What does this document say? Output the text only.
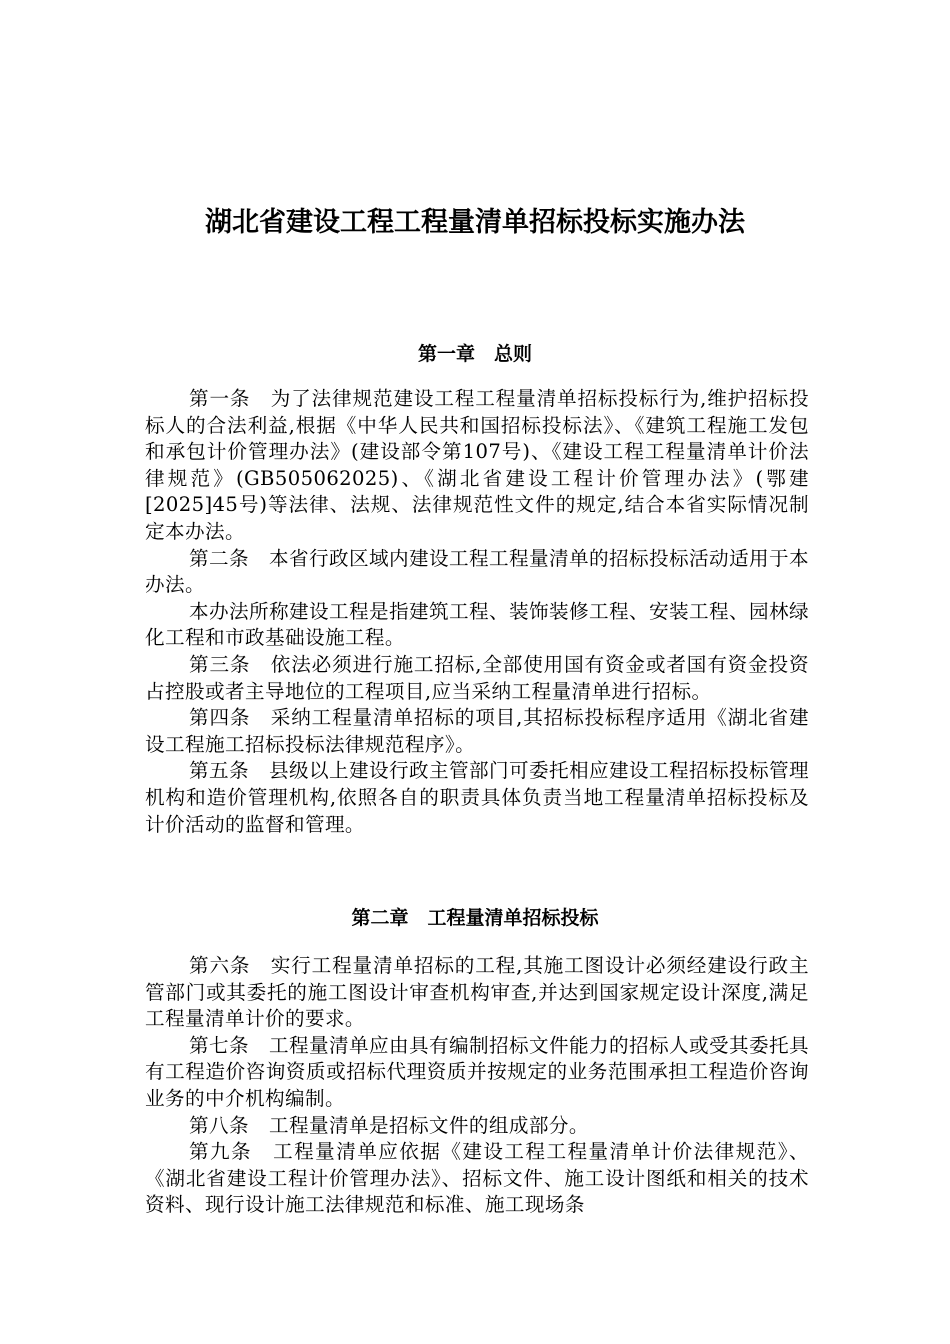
湖北省建设工程工程量清单招标投标实施办法
第一章　总则

第一条　为了法律规范建设工程工程量清单招标投标行为,维护招标投标人的合法利益,根据《中华人民共和国招标投标法》、《建筑工程施工发包和承包计价管理办法》(建设部令第107号)、《建设工程工程量清单计价法律规范》(GB505062025)、《湖北省建设工程计价管理办法》(鄂建 [2025]45号)等法律、法规、法律规范性文件的规定,结合本省实际情况制定本办法。

第二条　本省行政区域内建设工程工程量清单的招标投标活动适用于本办法。

本办法所称建设工程是指建筑工程、装饰装修工程、安装工程、园林绿化工程和市政基础设施工程。

第三条　依法必须进行施工招标,全部使用国有资金或者国有资金投资占控股或者主导地位的工程项目,应当采纳工程量清单进行招标。

第四条　采纳工程量清单招标的项目,其招标投标程序适用《湖北省建设工程施工招标投标法律规范程序》。

第五条　县级以上建设行政主管部门可委托相应建设工程招标投标管理机构和造价管理机构,依照各自的职责具体负责当地工程量清单招标投标及计价活动的监督和管理。

第二章　工程量清单招标投标

第六条　实行工程量清单招标的工程,其施工图设计必须经建设行政主管部门或其委托的施工图设计审查机构审查,并达到国家规定设计深度,满足工程量清单计价的要求。

第七条　工程量清单应由具有编制招标文件能力的招标人或受其委托具有工程造价咨询资质或招标代理资质并按规定的业务范围承担工程造价咨询业务的中介机构编制。

第八条　工程量清单是招标文件的组成部分。

第九条　工程量清单应依据《建设工程工程量清单计价法律规范》、《湖北省建设工程计价管理办法》、招标文件、施工设计图纸和相关的技术资料、现行设计施工法律规范和标准、施工现场条
